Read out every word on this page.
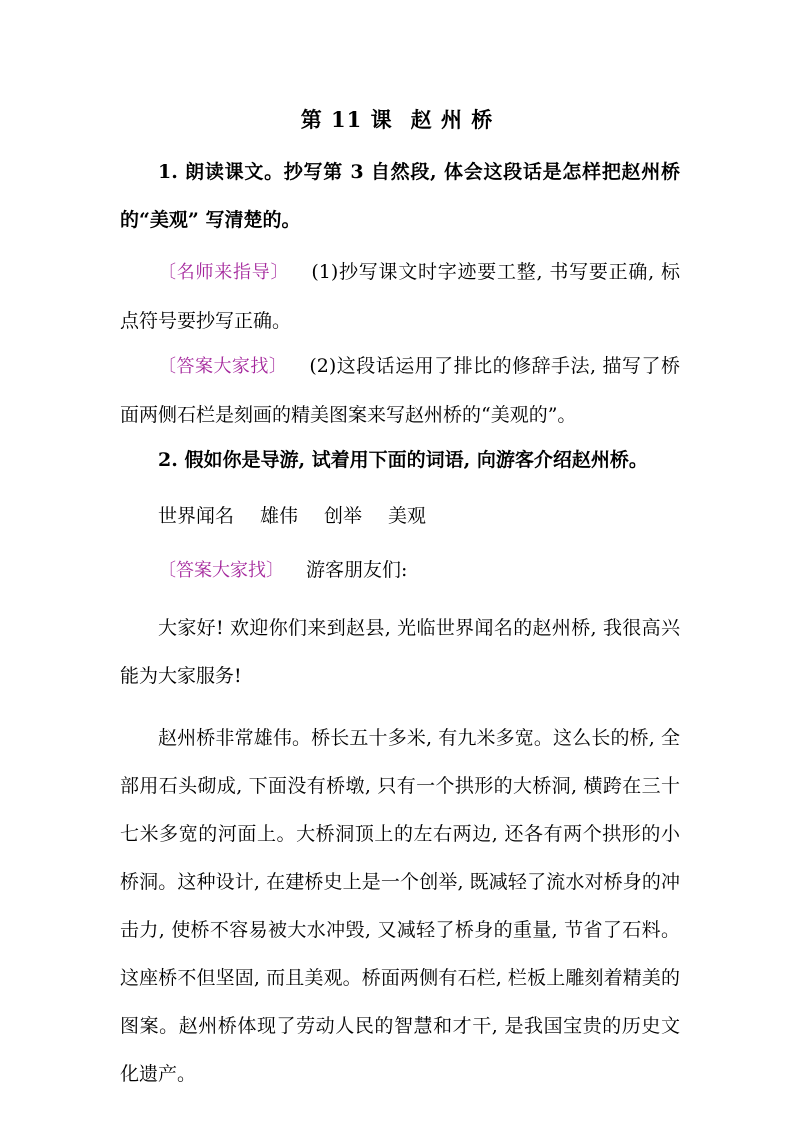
第 11 课 赵 州 桥
1. 朗读课文。抄写第 3 自然段, 体会这段话是怎样把赵州桥的“美观” 写清楚的。
〔名师来指导〕 (1)抄写课文时字迹要工整, 书写要正确, 标点符号要抄写正确。
〔答案大家找〕 (2)这段话运用了排比的修辞手法, 描写了桥面两侧石栏是刻画的精美图案来写赵州桥的“美观的”。
2. 假如你是导游, 试着用下面的词语, 向游客介绍赵州桥。
世界闻名 雄伟 创举 美观
〔答案大家找〕 游客朋友们:
大家好! 欢迎你们来到赵县, 光临世界闻名的赵州桥, 我很高兴能为大家服务!
赵州桥非常雄伟。桥长五十多米, 有九米多宽。这么长的桥, 全部用石头砌成, 下面没有桥墩, 只有一个拱形的大桥洞, 横跨在三十七米多宽的河面上。大桥洞顶上的左右两边, 还各有两个拱形的小桥洞。这种设计, 在建桥史上是一个创举, 既减轻了流水对桥身的冲击力, 使桥不容易被大水冲毁, 又减轻了桥身的重量, 节省了石料。这座桥不但坚固, 而且美观。桥面两侧有石栏, 栏板上雕刻着精美的图案。赵州桥体现了劳动人民的智慧和才干, 是我国宝贵的历史文化遗产。
